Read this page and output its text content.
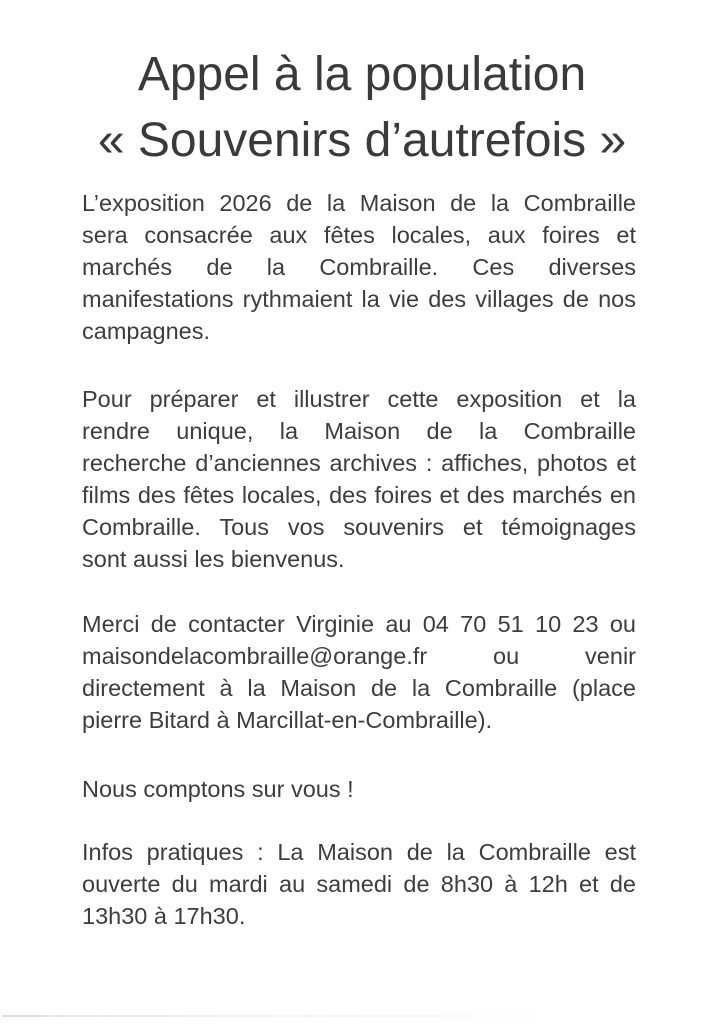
Appel à la population
« Souvenirs d’autrefois »
L’exposition 2026 de la Maison de la Combraille
sera consacrée aux fêtes locales, aux foires et
marchés de la Combraille. Ces diverses
manifestations rythmaient la vie des villages de nos
campagnes.
Pour préparer et illustrer cette exposition et la
rendre unique, la Maison de la Combraille
recherche d’anciennes archives : affiches, photos et
films des fêtes locales, des foires et des marchés en
Combraille. Tous vos souvenirs et témoignages
sont aussi les bienvenus.
Merci de contacter Virginie au 04 70 51 10 23 ou
maisondelacombraille@orange.fr ou venir
directement à la Maison de la Combraille (place
pierre Bitard à Marcillat-en-Combraille).
Nous comptons sur vous !
Infos pratiques : La Maison de la Combraille est
ouverte du mardi au samedi de 8h30 à 12h et de
13h30 à 17h30.
